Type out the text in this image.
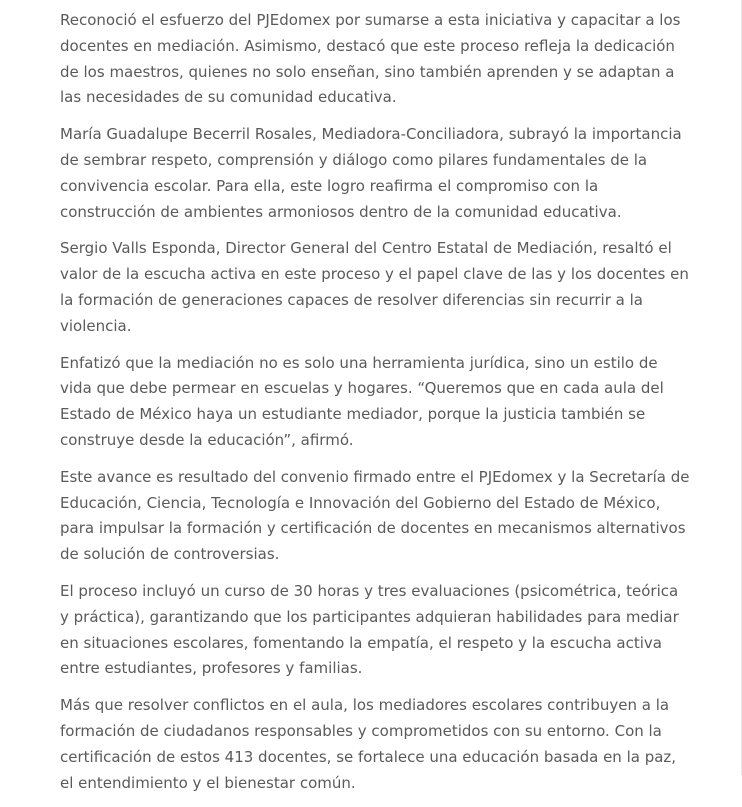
Reconoció el esfuerzo del PJEdomex por sumarse a esta iniciativa y capacitar a los docentes en mediación. Asimismo, destacó que este proceso refleja la dedicación de los maestros, quienes no solo enseñan, sino también aprenden y se adaptan a las necesidades de su comunidad educativa.

María Guadalupe Becerril Rosales, Mediadora-Conciliadora, subrayó la importancia de sembrar respeto, comprensión y diálogo como pilares fundamentales de la convivencia escolar. Para ella, este logro reafirma el compromiso con la construcción de ambientes armoniosos dentro de la comunidad educativa.

Sergio Valls Esponda, Director General del Centro Estatal de Mediación, resaltó el valor de la escucha activa en este proceso y el papel clave de las y los docentes en la formación de generaciones capaces de resolver diferencias sin recurrir a la violencia.

Enfatizó que la mediación no es solo una herramienta jurídica, sino un estilo de vida que debe permear en escuelas y hogares. “Queremos que en cada aula del Estado de México haya un estudiante mediador, porque la justicia también se construye desde la educación”, afirmó.

Este avance es resultado del convenio firmado entre el PJEdomex y la Secretaría de Educación, Ciencia, Tecnología e Innovación del Gobierno del Estado de México, para impulsar la formación y certificación de docentes en mecanismos alternativos de solución de controversias.

El proceso incluyó un curso de 30 horas y tres evaluaciones (psicométrica, teórica y práctica), garantizando que los participantes adquieran habilidades para mediar en situaciones escolares, fomentando la empatía, el respeto y la escucha activa entre estudiantes, profesores y familias.

Más que resolver conflictos en el aula, los mediadores escolares contribuyen a la formación de ciudadanos responsables y comprometidos con su entorno. Con la certificación de estos 413 docentes, se fortalece una educación basada en la paz, el entendimiento y el bienestar común.
